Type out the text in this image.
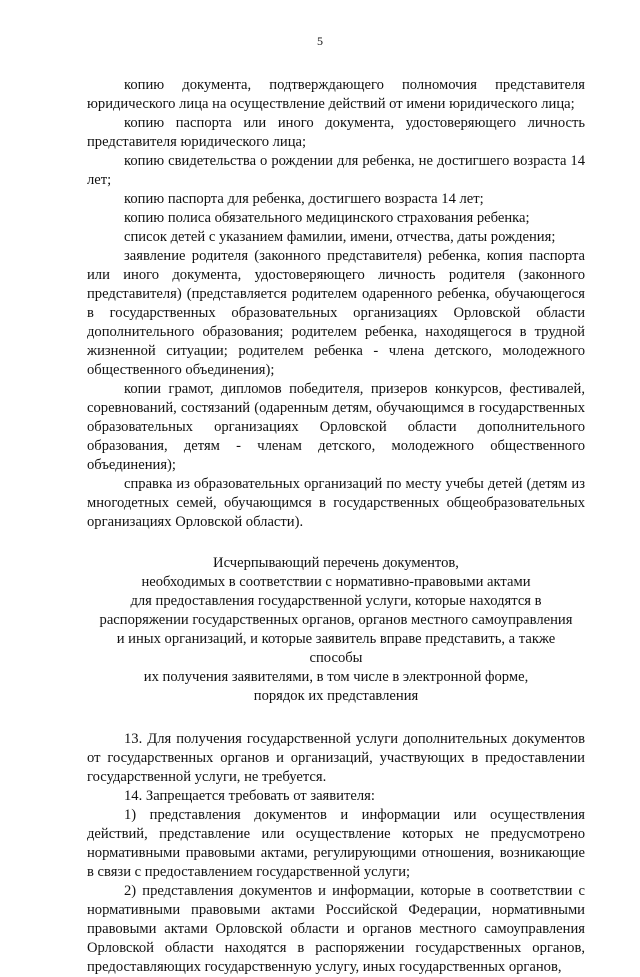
5

копию документа, подтверждающего полномочия представителя юридического лица на осуществление действий от имени юридического лица;

копию паспорта или иного документа, удостоверяющего личность представителя юридического лица;

копию свидетельства о рождении для ребенка, не достигшего возраста 14 лет;

копию паспорта для ребенка, достигшего возраста 14 лет;

копию полиса обязательного медицинского страхования ребенка;

список детей с указанием фамилии, имени, отчества, даты рождения;

заявление родителя (законного представителя) ребенка, копия паспорта или иного документа, удостоверяющего личность родителя (законного представителя) (представляется родителем одаренного ребенка, обучающегося в государственных образовательных организациях Орловской области дополнительного образования; родителем ребенка, находящегося в трудной жизненной ситуации; родителем ребенка - члена детского, молодежного общественного объединения);

копии грамот, дипломов победителя, призеров конкурсов, фестивалей, соревнований, состязаний (одаренным детям, обучающимся в государственных образовательных организациях Орловской области дополнительного образования, детям - членам детского, молодежного общественного объединения);

справка из образовательных организаций по месту учебы детей (детям из многодетных семей, обучающимся в государственных общеобразовательных организациях Орловской области).

Исчерпывающий перечень документов,
необходимых в соответствии с нормативно-правовыми актами
для предоставления государственной услуги, которые находятся в
распоряжении государственных органов, органов местного самоуправления
и иных организаций, и которые заявитель вправе представить, а также способы
их получения заявителями, в том числе в электронной форме,
порядок их представления

13. Для получения государственной услуги дополнительных документов от государственных органов и организаций, участвующих в предоставлении государственной услуги, не требуется.

14. Запрещается требовать от заявителя:

1) представления документов и информации или осуществления действий, представление или осуществление которых не предусмотрено нормативными правовыми актами, регулирующими отношения, возникающие в связи с предоставлением государственной услуги;

2) представления документов и информации, которые в соответствии с нормативными правовыми актами Российской Федерации, нормативными правовыми актами Орловской области и органов местного самоуправления Орловской области находятся в распоряжении государственных органов, предоставляющих государственную услугу, иных государственных органов,
